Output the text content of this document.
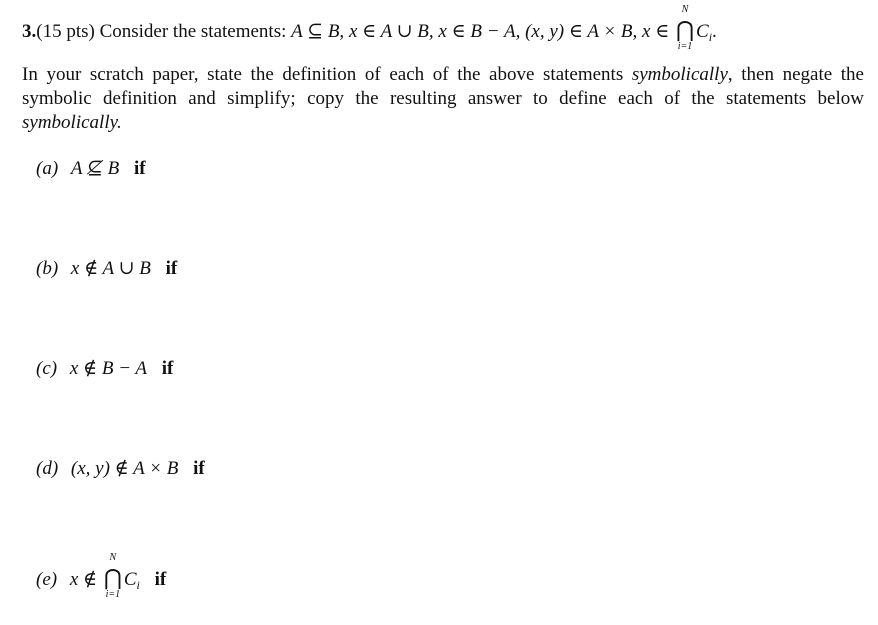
3.(15 pts) Consider the statements: A ⊆ B, x ∈ A ∪ B, x ∈ B − A, (x, y) ∈ A × B, x ∈
N
⋂
i=1
$C_i$.
In your scratch paper, state the definition of each of the above statements symbolically, then negate the symbolic definition and simplify; copy the resulting answer to define each of the statements below symbolically.
(a) A ⊈ B if
(b) x ∉ A ∪ B if
(c) x ∉ B − A if
(d) (x, y) ∉ A × B if
(e) x ∉
N
⋂
i=1
$C_i$ if
